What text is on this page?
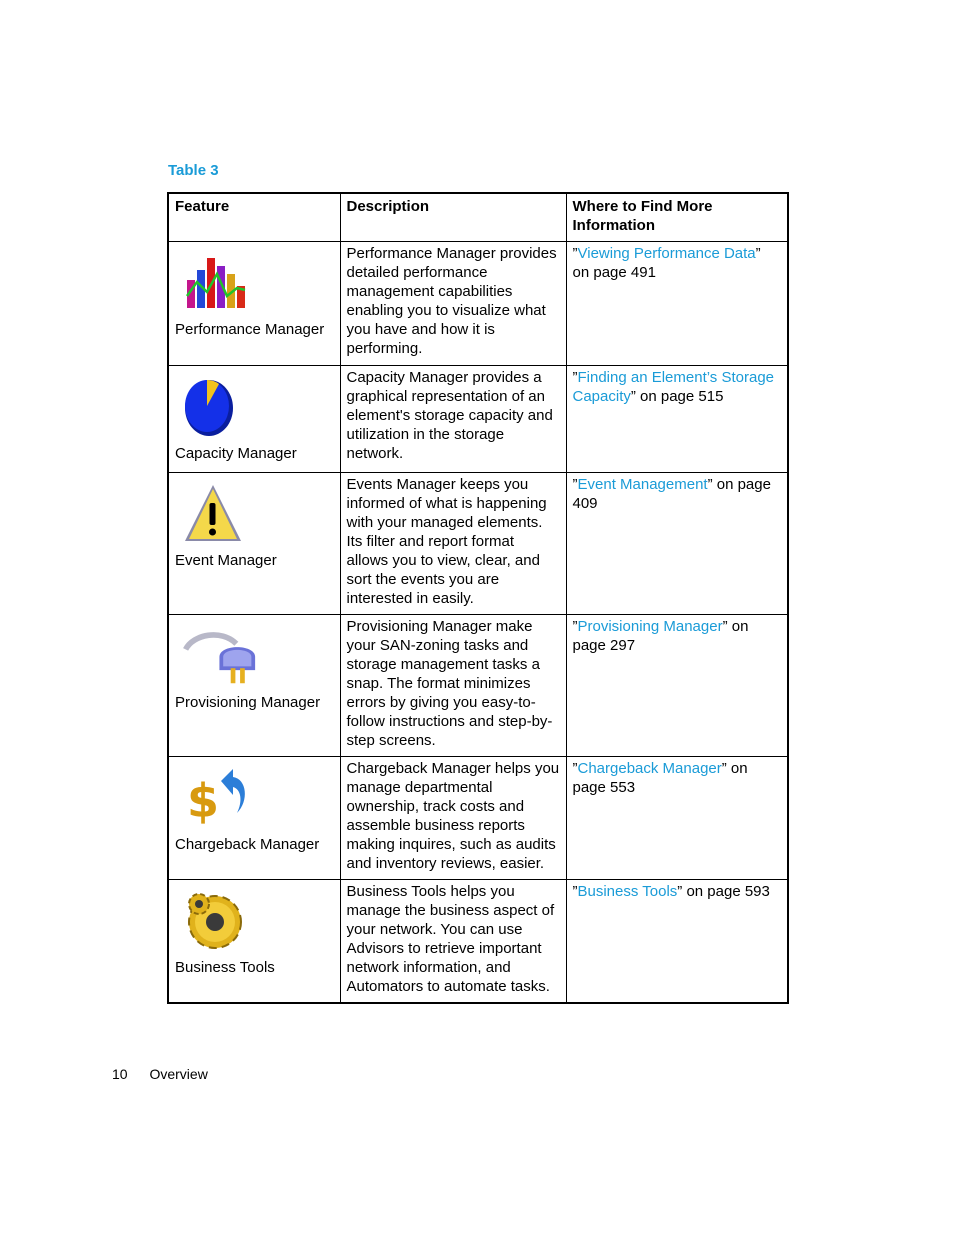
Table 3
Feature	Description	Where to Find More Information

Performance Manager	Performance Manager provides detailed performance management capabilities enabling you to visualize what you have and how it is performing.	”Viewing Performance Data” on page 491

Capacity Manager	Capacity Manager provides a graphical representation of an element's storage capacity and utilization in the storage network.	”Finding an Element’s Storage Capacity” on page 515

Event Manager	Events Manager keeps you informed of what is happening with your managed elements. Its filter and report format allows you to view, clear, and sort the events you are interested in easily.	”Event Management” on page 409

Provisioning Manager	Provisioning Manager make your SAN-zoning tasks and storage management tasks a snap. The format minimizes errors by giving you easy-to-follow instructions and step-by-step screens.	”Provisioning Manager” on page 297

$
Chargeback Manager	Chargeback Manager helps you manage departmental ownership, track costs and assemble business reports making inquires, such as audits and inventory reviews, easier.	”Chargeback Manager” on page 553

Business Tools	Business Tools helps you manage the business aspect of your network. You can use Advisors to retrieve important network information, and Automators to automate tasks.	”Business Tools” on page 593
10 Overview
